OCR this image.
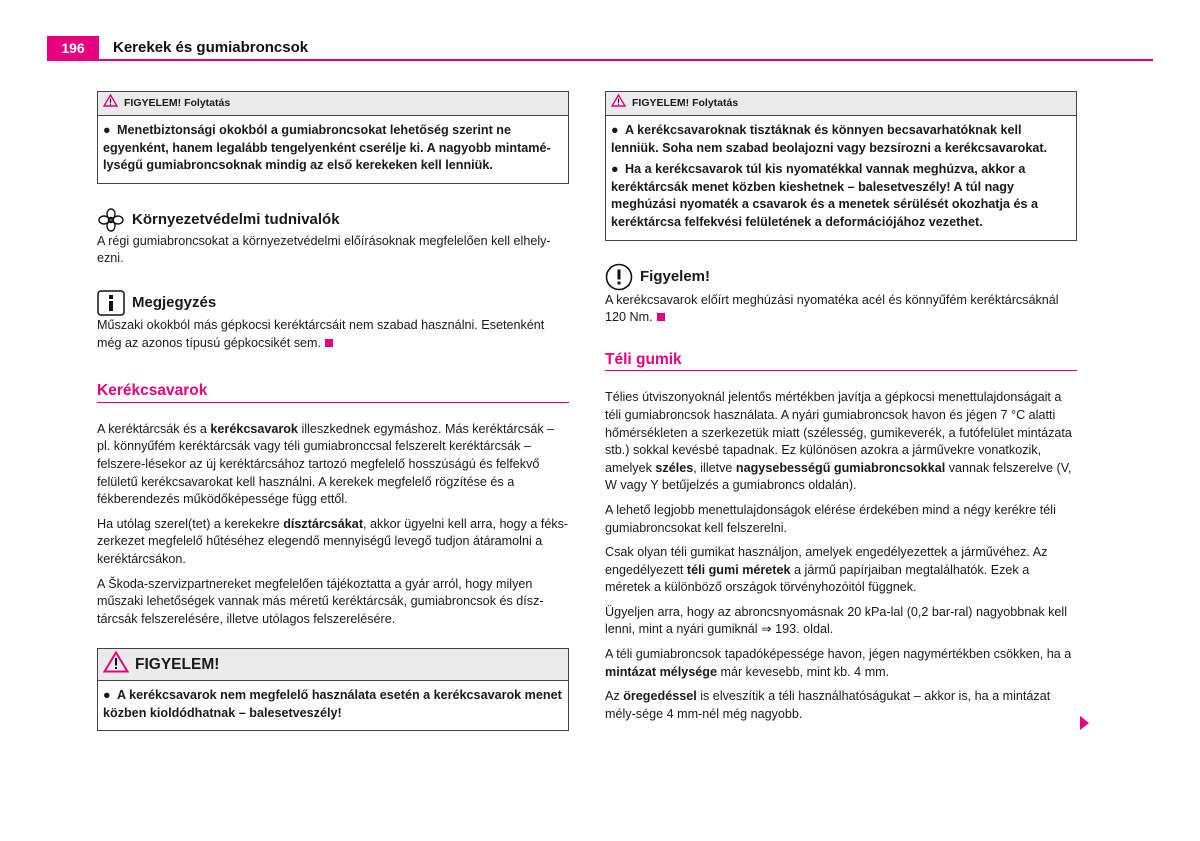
196	Kerekek és gumiabroncsok
FIGYELEM! Folytatás

● Menetbiztonsági okokból a gumiabroncsokat lehetőség szerint ne egyenként, hanem legalább tengelyenként cserélje ki. A nagyobb mintamé-lységű gumiabroncsoknak mindig az első kerekeken kell lenniük.

Környezetvédelmi tudnivalók

A régi gumiabroncsokat a környezetvédelmi előírásoknak megfelelően kell elhely-ezni.

Megjegyzés

Műszaki okokból más gépkocsi keréktárcsáit nem szabad használni. Esetenként még az azonos típusú gépkocsikét sem.

Kerékcsavarok

A keréktárcsák és a kerékcsavarok illeszkednek egymáshoz. Más keréktárcsák – pl. könnyűfém keréktárcsák vagy téli gumiabronccsal felszerelt keréktárcsák – felszere-lésekor az új keréktárcsához tartozó megfelelő hosszúságú és felfekvő felületű kerékcsavarokat kell használni. A kerekek megfelelő rögzítése és a fékberendezés működőképessége függ ettől.

Ha utólag szerel(tet) a kerekekre dísztárcsákat, akkor ügyelni kell arra, hogy a féks-zerkezet megfelelő hűtéséhez elegendő mennyiségű levegő tudjon átáramolni a keréktárcsákon.

A Škoda-szervizpartnereket megfelelően tájékoztatta a gyár arról, hogy milyen műszaki lehetőségek vannak más méretű keréktárcsák, gumiabroncsok és dísz-tárcsák felszerelésére, illetve utólagos felszerelésére.

FIGYELEM!

● A kerékcsavarok nem megfelelő használata esetén a kerékcsavarok menet közben kioldódhatnak – balesetveszély!

FIGYELEM! Folytatás

● A kerékcsavaroknak tisztáknak és könnyen becsavarhatóknak kell lenniük. Soha nem szabad beolajozni vagy bezsírozni a kerékcsavarokat.

● Ha a kerékcsavarok túl kis nyomatékkal vannak meghúzva, akkor a keréktárcsák menet közben kieshetnek – balesetveszély! A túl nagy meghúzási nyomaték a csavarok és a menetek sérülését okozhatja és a keréktárcsa felfekvési felületének a deformációjához vezethet.

Figyelem!

A kerékcsavarok előírt meghúzási nyomatéka acél és könnyűfém keréktárcsáknál 120 Nm.

Téli gumik

Télies útviszonyoknál jelentős mértékben javítja a gépkocsi menettulajdonságait a téli gumiabroncsok használata. A nyári gumiabroncsok havon és jégen 7 °C alatti hőmérsékleten a szerkezetük miatt (szélesség, gumikeverék, a futófelület mintázata stb.) sokkal kevésbé tapadnak. Ez különösen azokra a járművekre vonatkozik, amelyek széles, illetve nagysebességű gumiabroncsokkal vannak felszerelve (V, W vagy Y betűjelzés a gumiabroncs oldalán).

A lehető legjobb menettulajdonságok elérése érdekében mind a négy kerékre téli gumiabroncsokat kell felszerelni.

Csak olyan téli gumikat használjon, amelyek engedélyezettek a járművéhez. Az engedélyezett téli gumi méretek a jármű papírjaiban megtalálhatók. Ezek a méretek a különböző országok törvényhozóitól függnek.

Ügyeljen arra, hogy az abroncsnyomásnak 20 kPa-lal (0,2 bar-ral) nagyobbnak kell lenni, mint a nyári gumiknál ⇒ 193. oldal.

A téli gumiabroncsok tapadóképessége havon, jégen nagymértékben csökken, ha a mintázat mélysége már kevesebb, mint kb. 4 mm.

Az öregedéssel is elveszítik a téli használhatóságukat – akkor is, ha a mintázat mély-sége 4 mm-nél még nagyobb.
